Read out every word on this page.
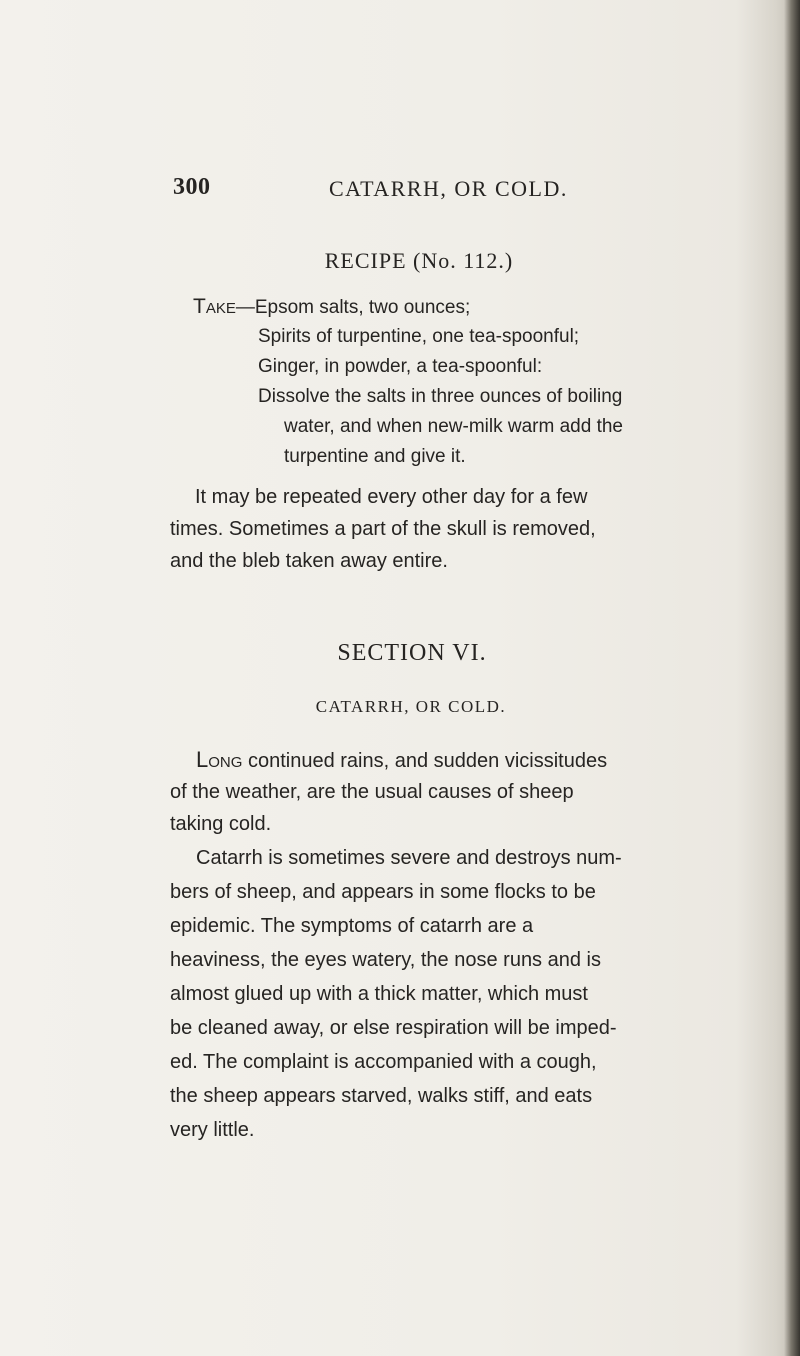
300	CATARRH, OR COLD.
RECIPE (No. 112.)
Take—Epsom salts, two ounces;
Spirits of turpentine, one tea-spoonful;
Ginger, in powder, a tea-spoonful:
Dissolve the salts in three ounces of boiling
water, and when new-milk warm add the
turpentine and give it.
It may be repeated every other day for a few
times. Sometimes a part of the skull is removed,
and the bleb taken away entire.
SECTION VI.
CATARRH, OR COLD.
Long continued rains, and sudden vicissitudes
of the weather, are the usual causes of sheep
taking cold.
Catarrh is sometimes severe and destroys num-
bers of sheep, and appears in some flocks to be
epidemic. The symptoms of catarrh are a
heaviness, the eyes watery, the nose runs and is
almost glued up with a thick matter, which must
be cleaned away, or else respiration will be imped-
ed. The complaint is accompanied with a cough,
the sheep appears starved, walks stiff, and eats
very little.
